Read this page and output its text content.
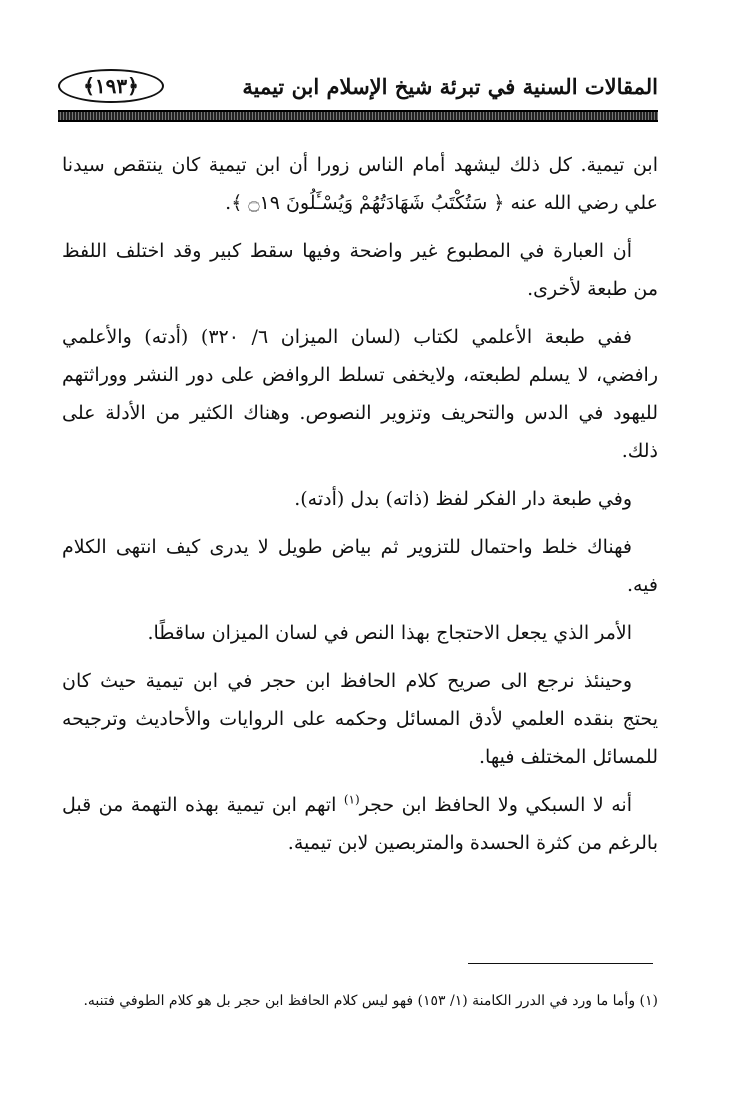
المقالات السنية في تبرئة شيخ الإسلام ابن تيمية
﴿١٩٣﴾

ابن تيمية. كل ذلك ليشهد أمام الناس زورا أن ابن تيمية كان ينتقص سيدنا علي رضي الله عنه ﴿ سَتُكْتَبُ شَهَادَتُهُمْ وَيُسْـَٔلُونَ ۝١٩ ﴾.

أن العبارة في المطبوع غير واضحة وفيها سقط كبير وقد اختلف اللفظ من طبعة لأخرى.

ففي طبعة الأعلمي لكتاب (لسان الميزان ٦/ ٣٢٠) (أدته) والأعلمي رافضي، لا يسلم لطبعته، ولايخفى تسلط الروافض على دور النشر ووراثتهم لليهود في الدس والتحريف وتزوير النصوص. وهناك الكثير من الأدلة على ذلك.

وفي طبعة دار الفكر لفظ (ذاته) بدل (أدته).

فهناك خلط واحتمال للتزوير ثم بياض طويل لا يدرى كيف انتهى الكلام فيه.

الأمر الذي يجعل الاحتجاج بهذا النص في لسان الميزان ساقطًا.

وحينئذ نرجع الى صريح كلام الحافظ ابن حجر في ابن تيمية حيث كان يحتج بنقده العلمي لأدق المسائل وحكمه على الروايات والأحاديث وترجيحه للمسائل المختلف فيها.

أنه لا السبكي ولا الحافظ ابن حجر$^{(١)}$ اتهم ابن تيمية بهذه التهمة من قبل بالرغم من كثرة الحسدة والمتربصين لابن تيمية.

(١) وأما ما ورد في الدرر الكامنة (١/ ١٥٣) فهو ليس كلام الحافظ ابن حجر بل هو كلام الطوفي فتنبه.
